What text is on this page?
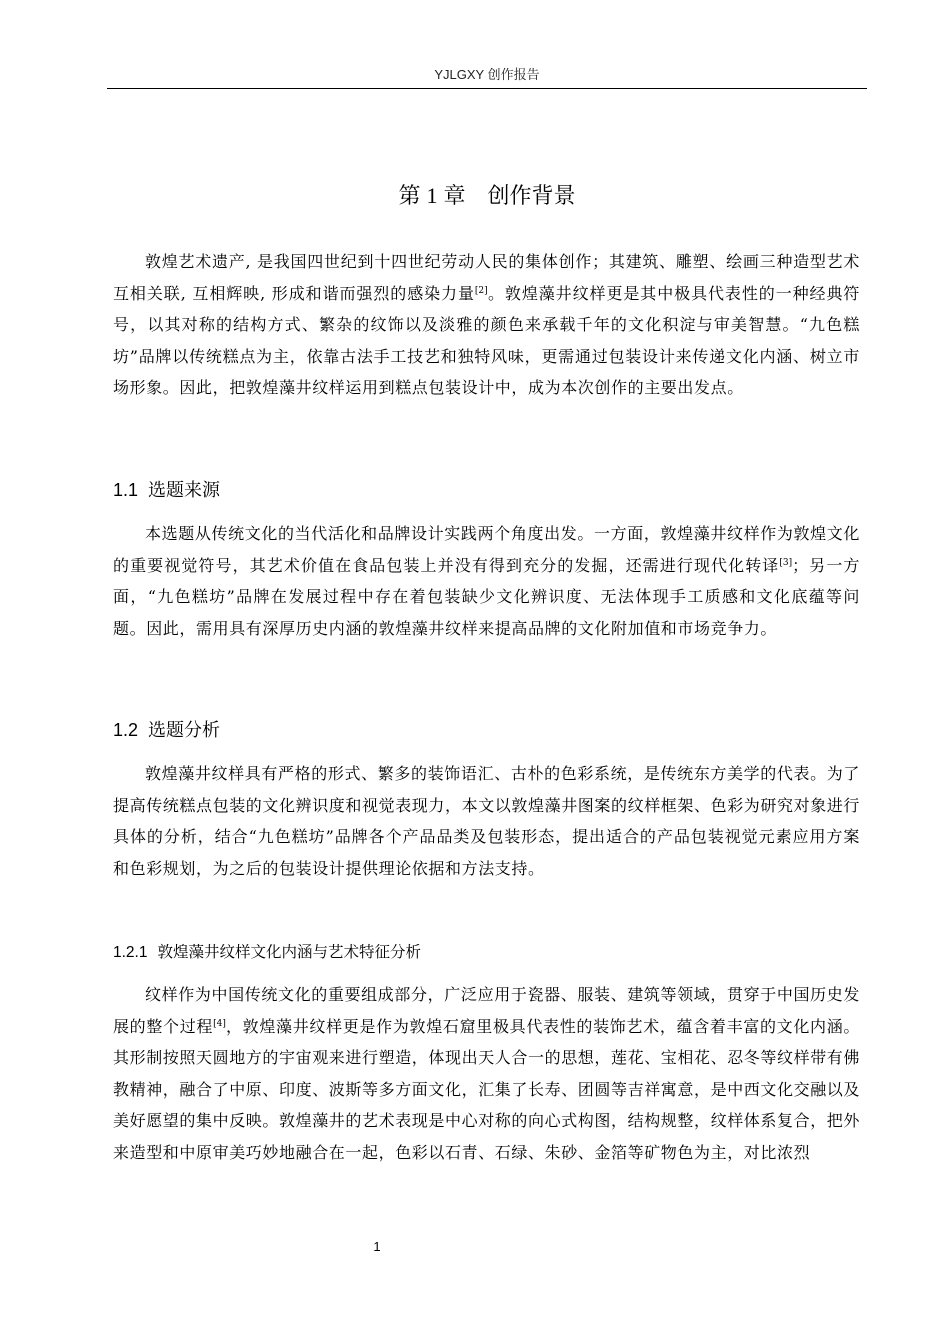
YJLGXY 创作报告
第 1 章 创作背景

敦煌艺术遗产, 是我国四世纪到十四世纪劳动人民的集体创作；其建筑、雕塑、绘画三种造型艺术互相关联, 互相辉映, 形成和谐而强烈的感染力量[2]。敦煌藻井纹样更是其中极具代表性的一种经典符号，以其对称的结构方式、繁杂的纹饰以及淡雅的颜色来承载千年的文化积淀与审美智慧。“九色糕坊”品牌以传统糕点为主，依靠古法手工技艺和独特风味，更需通过包装设计来传递文化内涵、树立市场形象。因此，把敦煌藻井纹样运用到糕点包装设计中，成为本次创作的主要出发点。

1.1 选题来源

本选题从传统文化的当代活化和品牌设计实践两个角度出发。一方面，敦煌藻井纹样作为敦煌文化的重要视觉符号，其艺术价值在食品包装上并没有得到充分的发掘，还需进行现代化转译[3]；另一方面，“九色糕坊”品牌在发展过程中存在着包装缺少文化辨识度、无法体现手工质感和文化底蕴等问题。因此，需用具有深厚历史内涵的敦煌藻井纹样来提高品牌的文化附加值和市场竞争力。

1.2 选题分析

敦煌藻井纹样具有严格的形式、繁多的装饰语汇、古朴的色彩系统，是传统东方美学的代表。为了提高传统糕点包装的文化辨识度和视觉表现力，本文以敦煌藻井图案的纹样框架、色彩为研究对象进行具体的分析，结合“九色糕坊”品牌各个产品品类及包装形态，提出适合的产品包装视觉元素应用方案和色彩规划，为之后的包装设计提供理论依据和方法支持。

1.2.1 敦煌藻井纹样文化内涵与艺术特征分析

纹样作为中国传统文化的重要组成部分，广泛应用于瓷器、服装、建筑等领域，贯穿于中国历史发展的整个过程[4]，敦煌藻井纹样更是作为敦煌石窟里极具代表性的装饰艺术，蕴含着丰富的文化内涵。其形制按照天圆地方的宇宙观来进行塑造，体现出天人合一的思想，莲花、宝相花、忍冬等纹样带有佛教精神，融合了中原、印度、波斯等多方面文化，汇集了长寿、团圆等吉祥寓意，是中西文化交融以及美好愿望的集中反映。敦煌藻井的艺术表现是中心对称的向心式构图，结构规整，纹样体系复合，把外来造型和中原审美巧妙地融合在一起，色彩以石青、石绿、朱砂、金箔等矿物色为主，对比浓烈

1
